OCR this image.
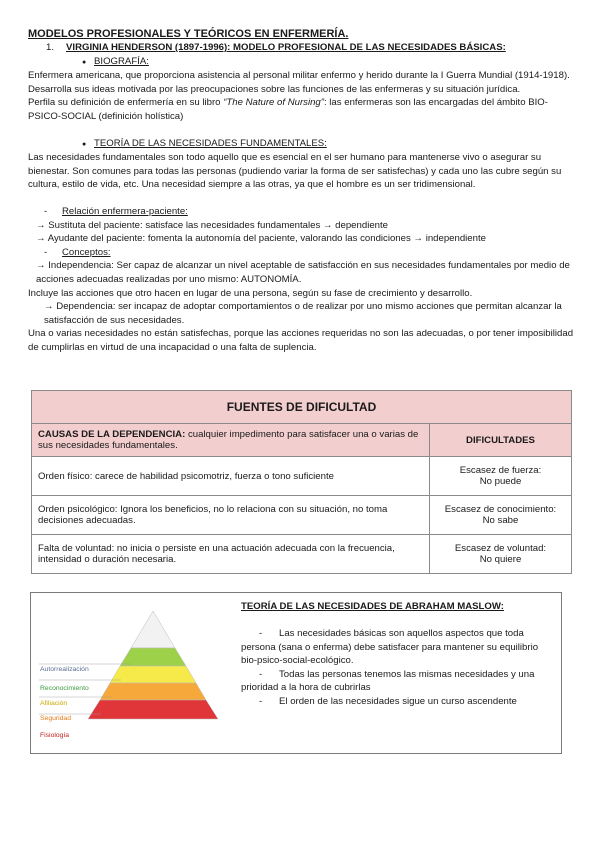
MODELOS PROFESIONALES Y TEÓRICOS EN ENFERMERÍA.

1. VIRGINIA HENDERSON (1897-1996): MODELO PROFESIONAL DE LAS NECESIDADES BÁSICAS:
●BIOGRAFÍA:

Enfermera americana, que proporciona asistencia al personal militar enfermo y herido durante la I Guerra Mundial (1914-1918). Desarrolla sus ideas motivada por las preocupaciones sobre las funciones de las enfermeras y su situación jurídica.

Perfila su definición de enfermería en su libro “The Nature of Nursing”: las enfermeras son las encargadas del ámbito BIO-PSICO-SOCIAL (definición holística)

●TEORÍA DE LAS NECESIDADES FUNDAMENTALES:

Las necesidades fundamentales son todo aquello que es esencial en el ser humano para mantenerse vivo o asegurar su bienestar. Son comunes para todas las personas (pudiendo variar la forma de ser satisfechas) y cada uno las cubre según su cultura, estilo de vida, etc. Una necesidad siempre a las otras, ya que el hombre es un ser tridimensional.

- Relación enfermera-paciente:

→ Sustituta del paciente: satisface las necesidades fundamentales → dependiente

→ Ayudante del paciente: fomenta la autonomía del paciente, valorando las condiciones → independiente

- Conceptos:

→ Independencia: Ser capaz de alcanzar un nivel aceptable de satisfacción en sus necesidades fundamentales por medio de acciones adecuadas realizadas por uno mismo: AUTONOMÍA.

Incluye las acciones que otro hacen en lugar de una persona, según su fase de crecimiento y desarrollo.

→ Dependencia: ser incapaz de adoptar comportamientos o de realizar por uno mismo acciones que permitan alcanzar la satisfacción de sus necesidades.

Una o varias necesidades no están satisfechas, porque las acciones requeridas no son las adecuadas, o por tener imposibilidad de cumplirlas en virtud de una incapacidad o una falta de suplencia.

FUENTES DE DIFICULTAD	
CAUSAS DE LA DEPENDENCIA: cualquier impedimento para satisfacer una o varias de sus necesidades fundamentales.	DIFICULTADES
Orden físico: carece de habilidad psicomotriz, fuerza o tono suficiente	Escasez de fuerza:
No puede
Orden psicológico: Ignora los beneficios, no lo relaciona con su situación, no toma decisiones adecuadas.	Escasez de conocimiento:
No sabe
Falta de voluntad: no inicia o persiste en una actuación adecuada con la frecuencia, intensidad o duración necesaria.	Escasez de voluntad:
No quiere
Autorrealización
Reconocimiento
Afiliación
Seguridad
Fisiología
TEORÍA DE LAS NECESIDADES DE ABRAHAM MASLOW:

- Las necesidades básicas son aquellos aspectos que toda persona (sana o enferma) debe satisfacer para mantener su equilibrio bio-psico-social-ecológico.

- Todas las personas tenemos las mismas necesidades y una prioridad a la hora de cubrirlas

- El orden de las necesidades sigue un curso ascendente
